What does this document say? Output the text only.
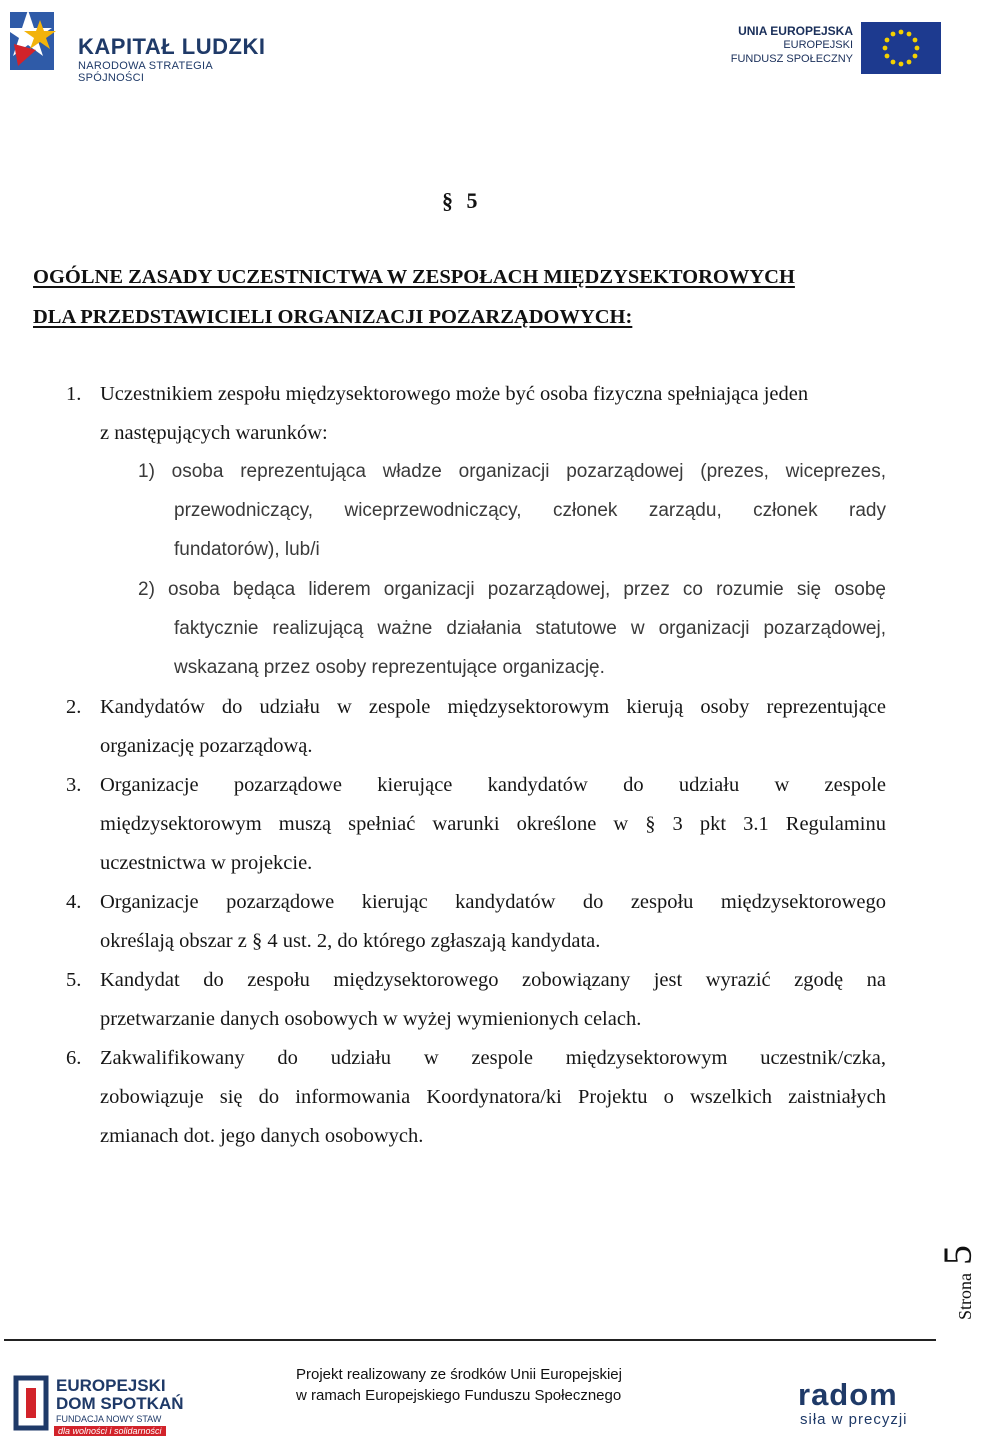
KAPITAŁ LUDZKI
NARODOWA STRATEGIA SPÓJNOŚCI
UNIA EUROPEJSKA
EUROPEJSKI
FUNDUSZ SPOŁECZNY
§ 5
OGÓLNE ZASADY UCZESTNICTWA W ZESPOŁACH MIĘDZYSEKTOROWYCH
DLA PRZEDSTAWICIELI ORGANIZACJI POZARZĄDOWYCH:
1. Uczestnikiem zespołu międzysektorowego może być osoba fizyczna spełniająca jeden
z następujących warunków:
1) osoba reprezentująca władze organizacji pozarządowej (prezes, wiceprezes,
przewodniczący, wiceprzewodniczący, członek zarządu, członek rady
fundatorów), lub/i
2) osoba będąca liderem organizacji pozarządowej, przez co rozumie się osobę
faktycznie realizującą ważne działania statutowe w organizacji pozarządowej,
wskazaną przez osoby reprezentujące organizację.
2. Kandydatów do udziału w zespole międzysektorowym kierują osoby reprezentujące
organizację pozarządową.
3. Organizacje pozarządowe kierujące kandydatów do udziału w zespole
międzysektorowym muszą spełniać warunki określone w § 3 pkt 3.1 Regulaminu
uczestnictwa w projekcie.
4. Organizacje pozarządowe kierując kandydatów do zespołu międzysektorowego
określają obszar z § 4 ust. 2, do którego zgłaszają kandydata.
5. Kandydat do zespołu międzysektorowego zobowiązany jest wyrazić zgodę na
przetwarzanie danych osobowych w wyżej wymienionych celach.
6. Zakwalifikowany do udziału w zespole międzysektorowym uczestnik/czka,
zobowiązuje się do informowania Koordynatora/ki Projektu o wszelkich zaistniałych
zmianach dot. jego danych osobowych.
Strona 5
EUROPEJSKI
DOM SPOTKAŃ
FUNDACJA NOWY STAW
dla wolności i solidarności
Projekt realizowany ze środków Unii Europejskiej
w ramach Europejskiego Funduszu Społecznego	radom
siła w precyzji
